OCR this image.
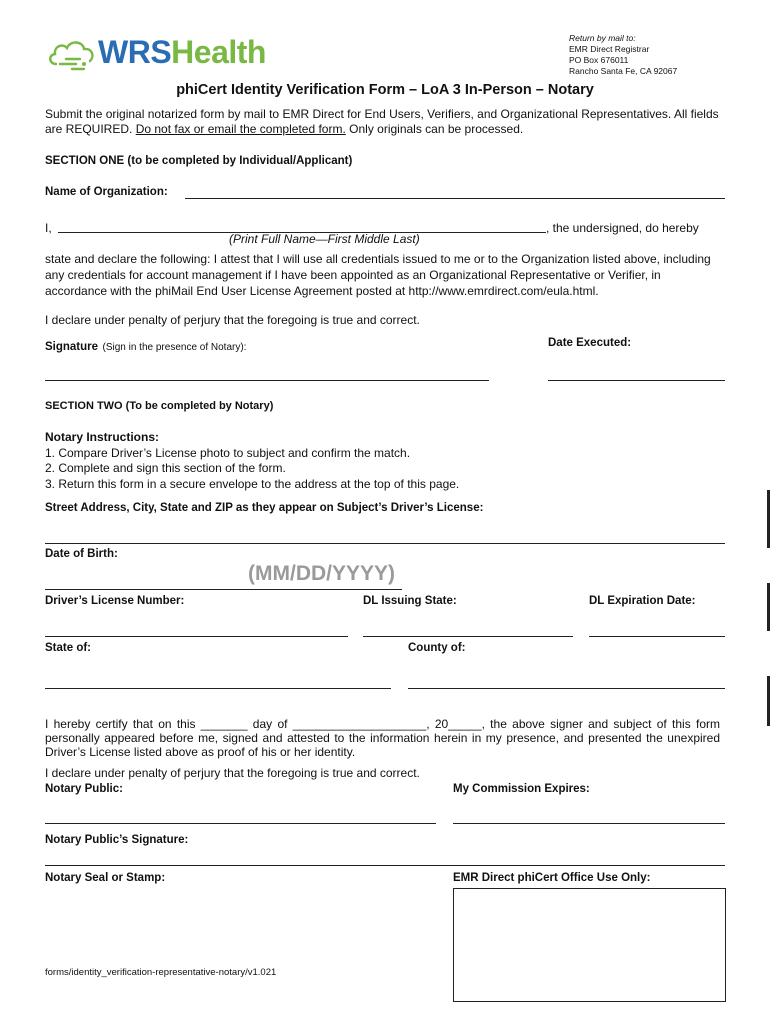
WRSHealth	Return by mail to:
EMR Direct Registrar
PO Box 676011
Rancho Santa Fe, CA 92067
phiCert Identity Verification Form – LoA 3 In-Person – Notary
Submit the original notarized form by mail to EMR Direct for End Users, Verifiers, and Organizational Representatives. All fields are REQUIRED. Do not fax or email the completed form. Only originals can be processed.
SECTION ONE (to be completed by Individual/Applicant)
Name of Organization:
I,	, the undersigned, do hereby
(Print Full Name—First Middle Last)
state and declare the following: I attest that I will use all credentials issued to me or to the Organization listed above, including any credentials for account management if I have been appointed as an Organizational Representative or Verifier, in accordance with the phiMail End User License Agreement posted at http://www.emrdirect.com/eula.html.
I declare under penalty of perjury that the foregoing is true and correct.
Signature (Sign in the presence of Notary):	Date Executed:
SECTION TWO (To be completed by Notary)
Notary Instructions:
1. Compare Driver’s License photo to subject and confirm the match.
2. Complete and sign this section of the form.
3. Return this form in a secure envelope to the address at the top of this page.
Street Address, City, State and ZIP as they appear on Subject’s Driver’s License:
Date of Birth:
(MM/DD/YYYY)
Driver’s License Number:	DL Issuing State:	DL Expiration Date:
State of:	County of:
I hereby certify that on this _______ day of ____________________, 20_____, the above signer and subject of this form personally appeared before me, signed and attested to the information herein in my presence, and presented the unexpired Driver’s License listed above as proof of his or her identity.
I declare under penalty of perjury that the foregoing is true and correct.
Notary Public:	My Commission Expires:
Notary Public’s Signature:
Notary Seal or Stamp:	EMR Direct phiCert Office Use Only:
forms/identity_verification-representative-notary/v1.021
